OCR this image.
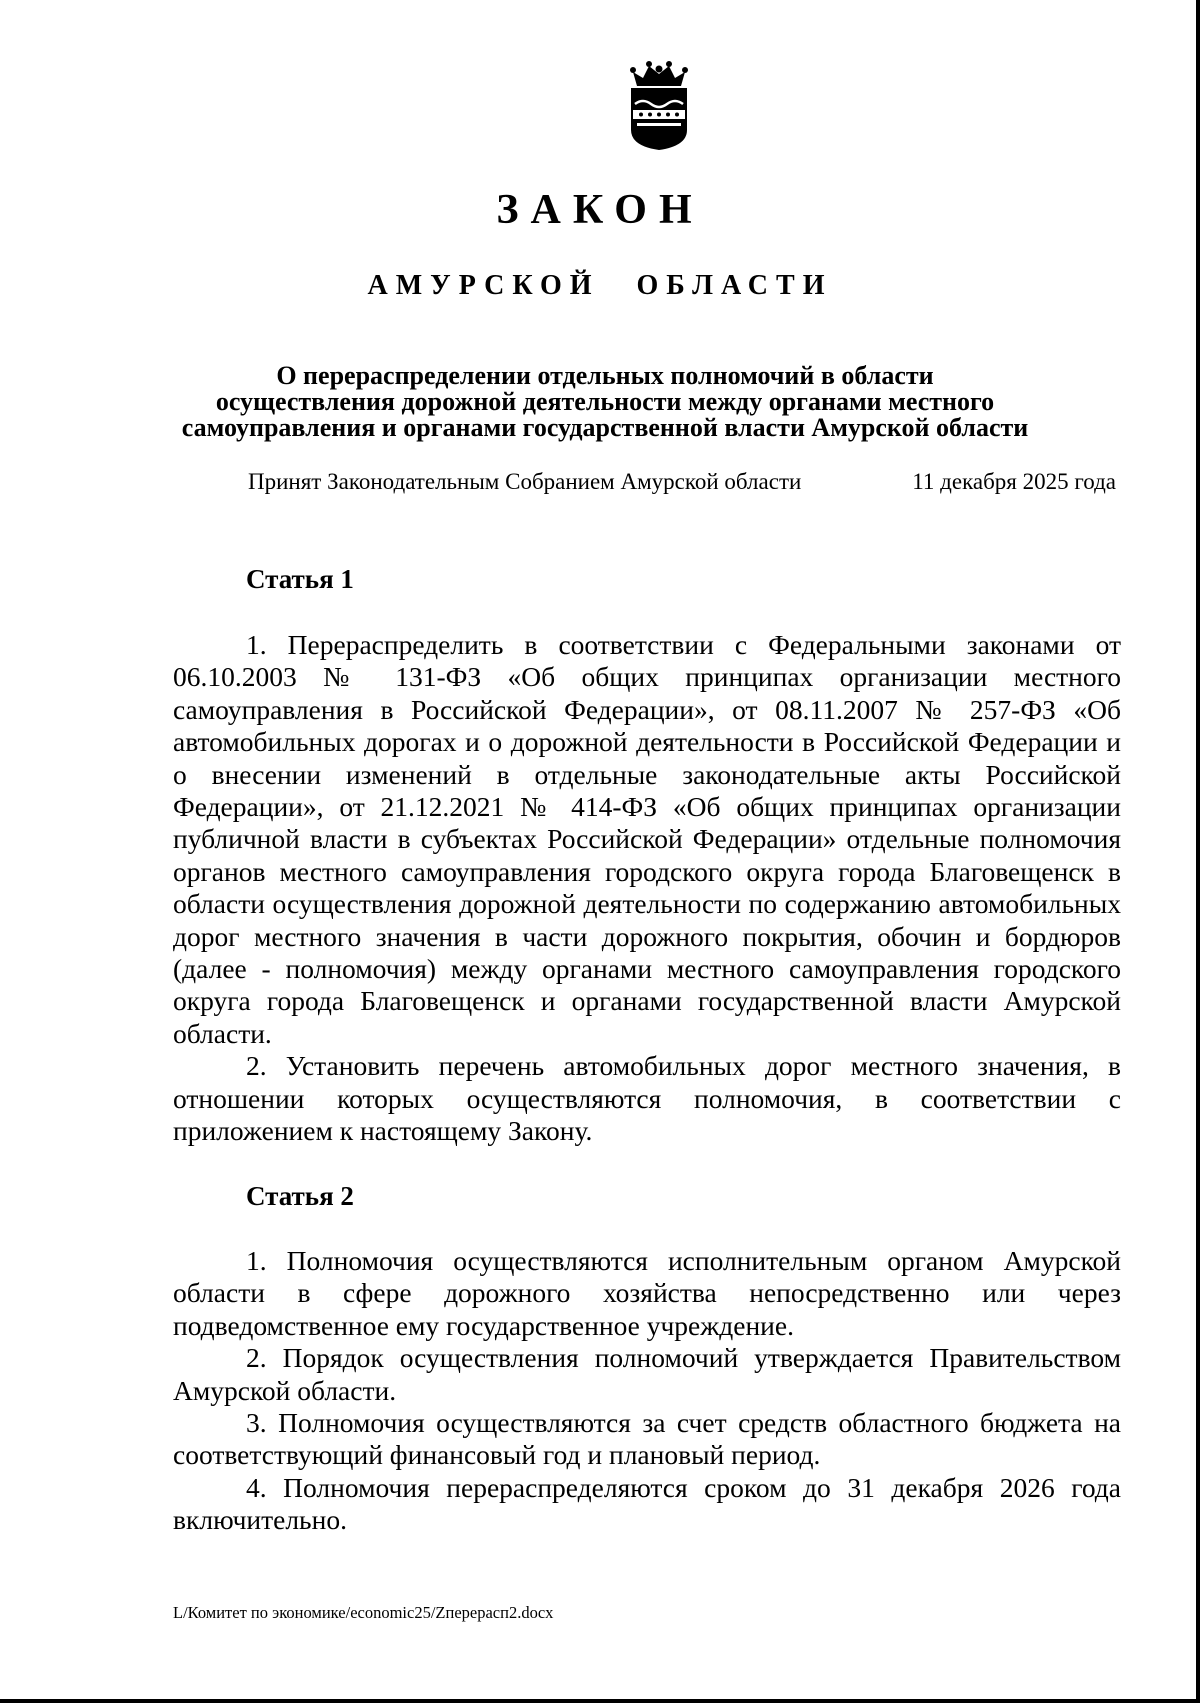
ЗАКОН
АМУРСКОЙ ОБЛАСТИ
О перераспределении отдельных полномочий в области
осуществления дорожной деятельности между органами местного
самоуправления и органами государственной власти Амурской области
Принят Законодательным Собранием Амурской области	11 декабря 2025 года
Статья 1

1. Перераспределить в соответствии с Федеральными законами от 06.10.2003 № 131-ФЗ «Об общих принципах организации местного самоуправления в Российской Федерации», от 08.11.2007 № 257-ФЗ «Об автомобильных дорогах и о дорожной деятельности в Российской Федерации и о внесении изменений в отдельные законодательные акты Российской Федерации», от 21.12.2021 № 414-ФЗ «Об общих принципах организации публичной власти в субъектах Российской Федерации» отдельные полномочия органов местного самоуправления городского округа города Благовещенск в области осуществления дорожной деятельности по содержанию автомобильных дорог местного значения в части дорожного покрытия, обочин и бордюров (далее - полномочия) между органами местного самоуправления городского округа города Благовещенск и органами государственной власти Амурской области.

2. Установить перечень автомобильных дорог местного значения, в отношении которых осуществляются полномочия, в соответствии с приложением к настоящему Закону.

Статья 2

1. Полномочия осуществляются исполнительным органом Амурской области в сфере дорожного хозяйства непосредственно или через подведомственное ему государственное учреждение.

2. Порядок осуществления полномочий утверждается Правительством Амурской области.

3. Полномочия осуществляются за счет средств областного бюджета на соответствующий финансовый год и плановый период.

4. Полномочия перераспределяются сроком до 31 декабря 2026 года включительно.

L/Комитет по экономике/economic25/Zперерасп2.docx
